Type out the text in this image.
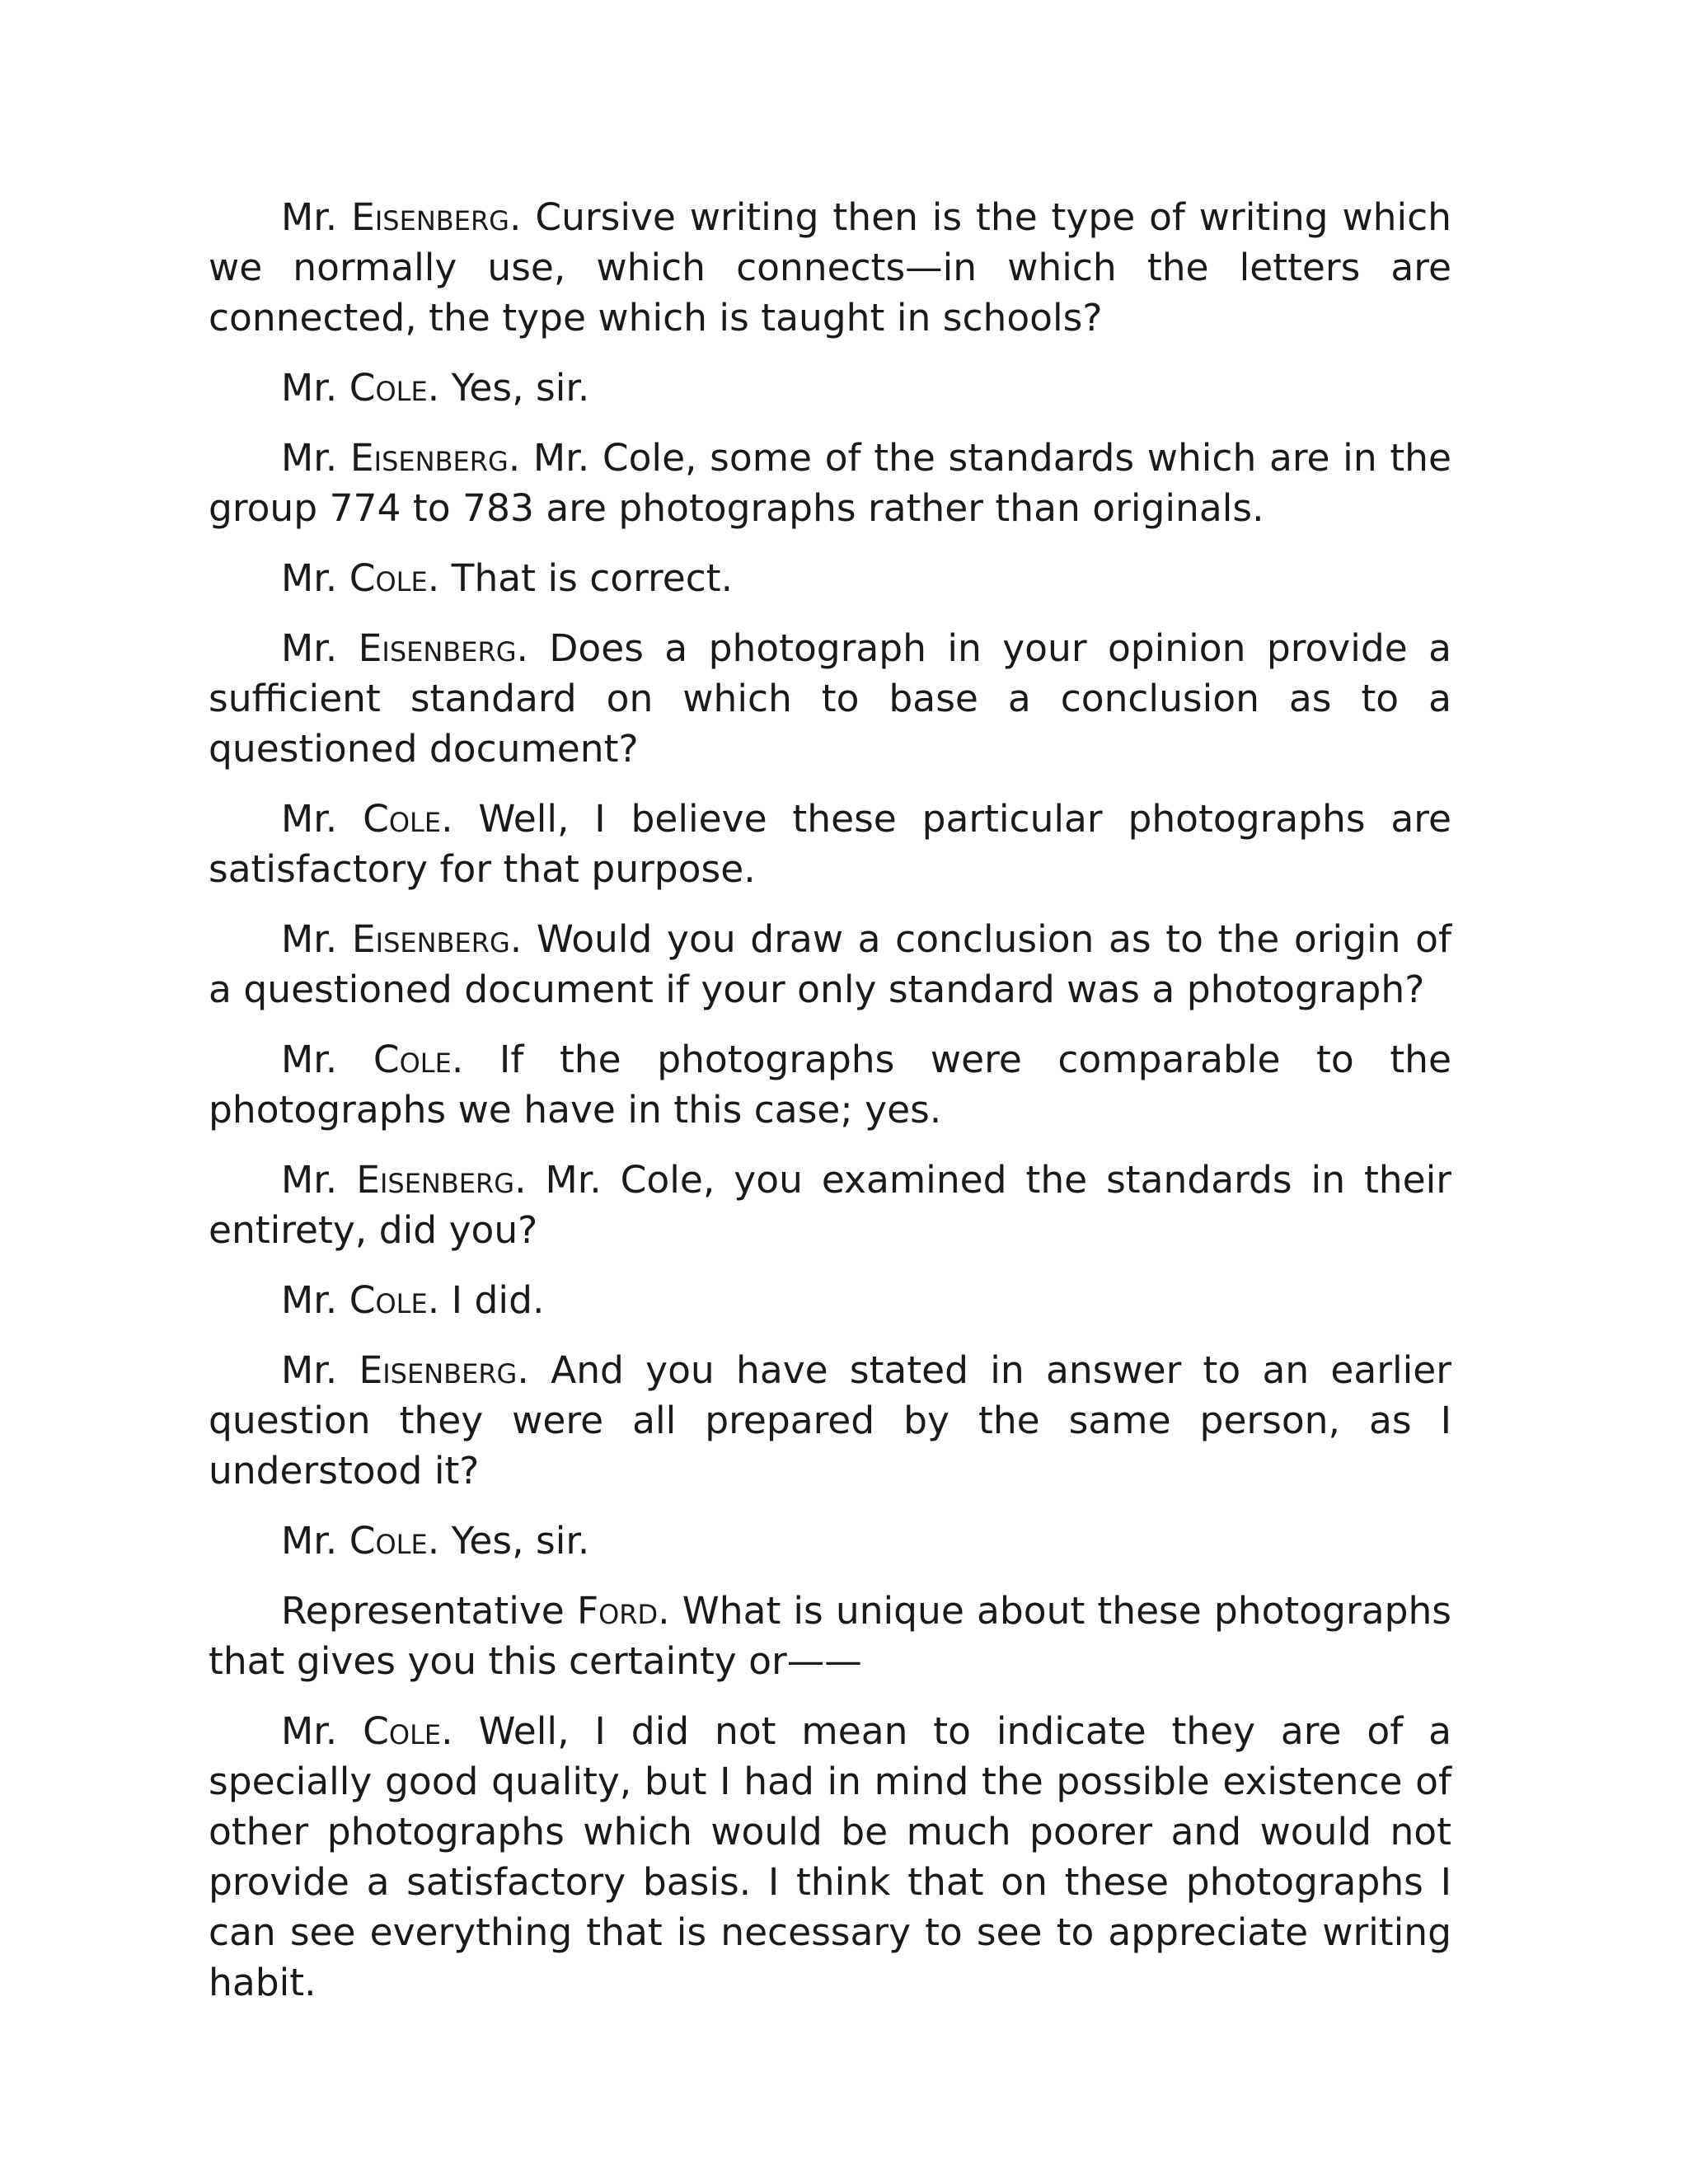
Mr. Eisenberg. Cursive writing then is the type of writing which we normally use, which connects—in which the letters are connected, the type which is taught in schools?

Mr. Cole. Yes, sir.

Mr. Eisenberg. Mr. Cole, some of the standards which are in the group 774 to 783 are photographs rather than originals.

Mr. Cole. That is correct.

Mr. Eisenberg. Does a photograph in your opinion provide a sufficient standard on which to base a conclusion as to a questioned document?

Mr. Cole. Well, I believe these particular photographs are satisfactory for that purpose.

Mr. Eisenberg. Would you draw a conclusion as to the origin of a questioned document if your only standard was a photograph?

Mr. Cole. If the photographs were comparable to the photographs we have in this case; yes.

Mr. Eisenberg. Mr. Cole, you examined the standards in their entirety, did you?

Mr. Cole. I did.

Mr. Eisenberg. And you have stated in answer to an earlier question they were all prepared by the same person, as I understood it?

Mr. Cole. Yes, sir.

Representative Ford. What is unique about these photographs that gives you this certainty or——

Mr. Cole. Well, I did not mean to indicate they are of a specially good quality, but I had in mind the possible existence of other photographs which would be much poorer and would not provide a satisfactory basis. I think that on these photographs I can see everything that is necessary to see to appreciate writing habit.
